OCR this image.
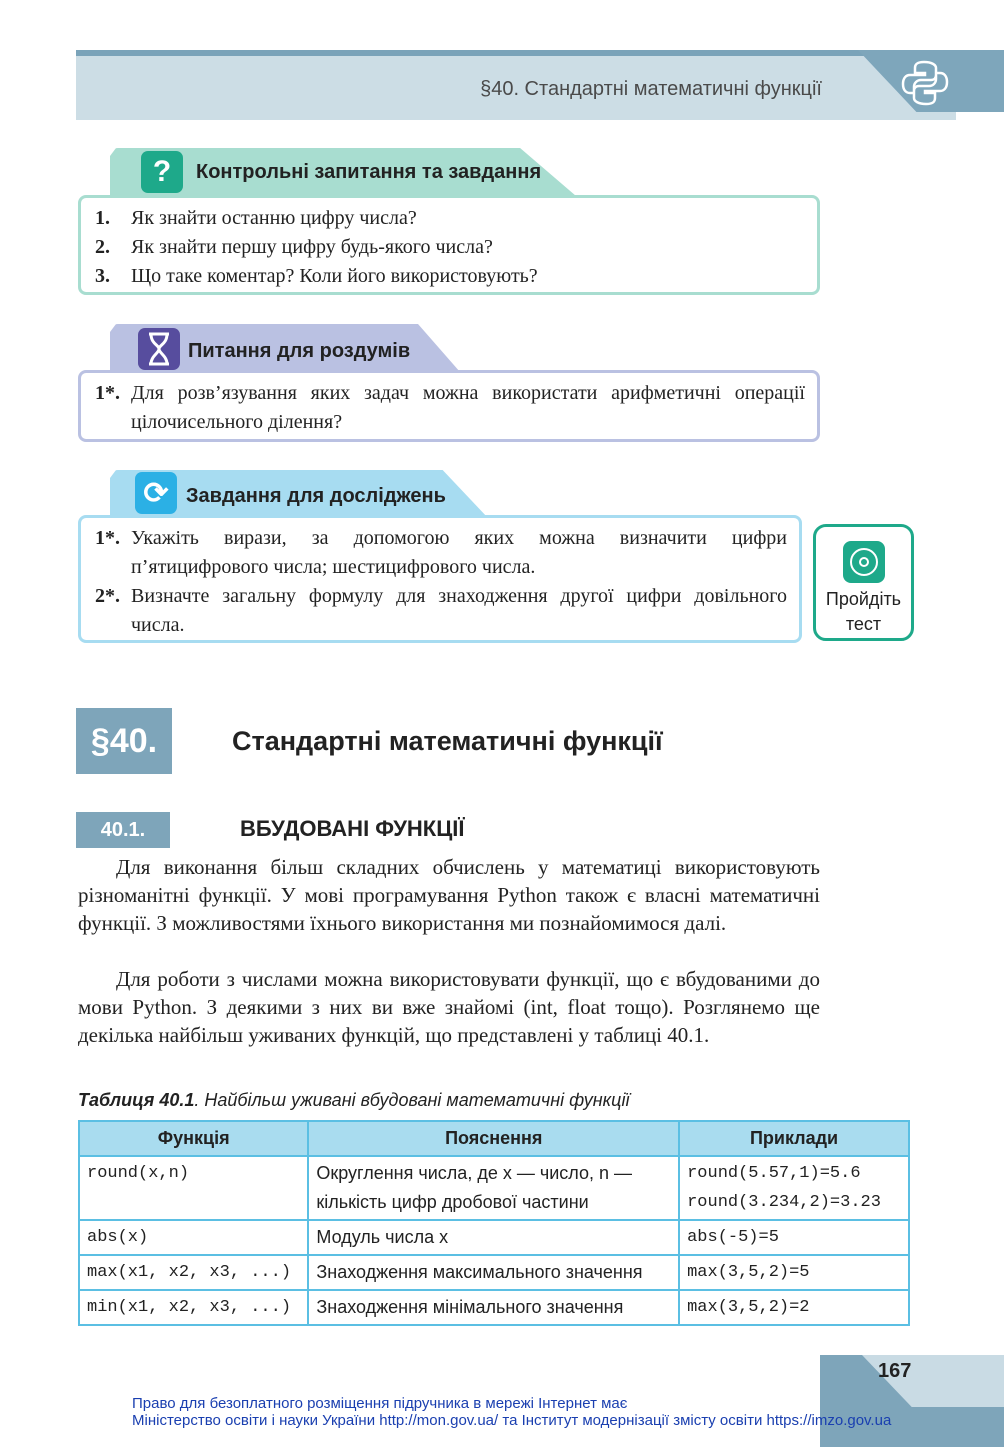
§40. Стандартні математичні функції
?	Контрольні запитання та завдання
1.	Як знайти останню цифру числа?
2.	Як знайти першу цифру будь-якого числа?
3.	Що таке коментар? Коли його використовують?
Питання для роздумів
1*. Для розв’язування яких задач можна використати арифметичні операції цілочисельного ділення?
⟳ Завдання для досліджень
1*. Укажіть вирази, за допомогою яких можна визначити цифри п’ятицифрового числа; шестицифрового числа.
2*. Визначте загальну формулу для знаходження другої цифри довільного числа.
Пройдіть тест
§40.	Стандартні математичні функції
40.1.	ВБУДОВАНІ ФУНКЦІЇ
Для виконання більш складних обчислень у математиці використовують різноманітні функції. У мові програмування Python також є власні математичні функції. З можливостями їхнього використання ми познайомимося далі.
Для роботи з числами можна використовувати функції, що є вбудованими до мови Python. З деякими з них ви вже знайомі (int, float тощо). Розглянемо ще декілька найбільш уживаних функцій, що представлені у таблиці 40.1.
Таблиця 40.1. Найбільш уживані вбудовані математичні функції
Функція	Пояснення	Приклади
round(x,n)	Округлення числа, де x — число, n — кількість цифр дробової частини	round(5.57,1)=5.6
round(3.234,2)=3.23

abs(x)	Модуль числа x	abs(-5)=5
max(x1, x2, x3, ...)	Знаходження максимального значення	max(3,5,2)=5
min(x1, x2, x3, ...)	Знаходження мінімального значення	max(3,5,2)=2
167
Право для безоплатного розміщення підручника в мережі Інтернет має
Міністерство освіти і науки України http://mon.gov.ua/ та Інститут модернізації змісту освіти https://imzo.gov.ua
